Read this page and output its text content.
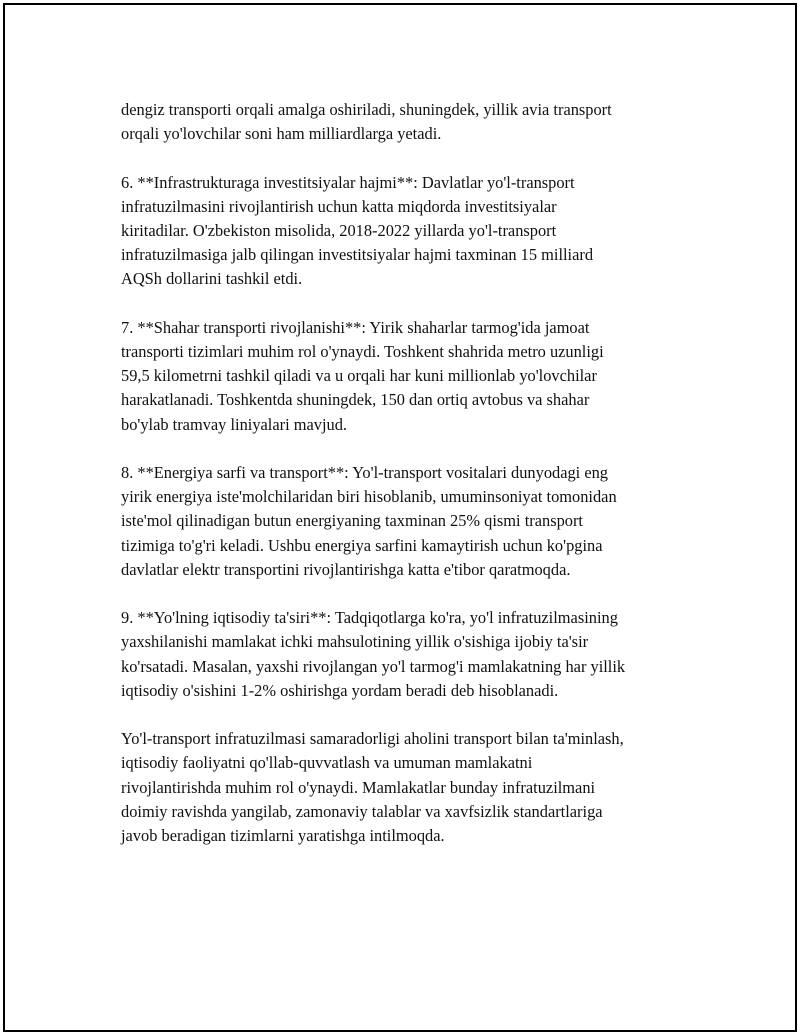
dengiz transporti orqali amalga oshiriladi, shuningdek, yillik avia transport
orqali yo'lovchilar soni ham milliardlarga yetadi.

6. **Infrastrukturaga investitsiyalar hajmi**: Davlatlar yo'l-transport
infratuzilmasini rivojlantirish uchun katta miqdorda investitsiyalar
kiritadilar. O'zbekiston misolida, 2018-2022 yillarda yo'l-transport
infratuzilmasiga jalb qilingan investitsiyalar hajmi taxminan 15 milliard
AQSh dollarini tashkil etdi.

7. **Shahar transporti rivojlanishi**: Yirik shaharlar tarmog'ida jamoat
transporti tizimlari muhim rol o'ynaydi. Toshkent shahrida metro uzunligi
59,5 kilometrni tashkil qiladi va u orqali har kuni millionlab yo'lovchilar
harakatlanadi. Toshkentda shuningdek, 150 dan ortiq avtobus va shahar
bo'ylab tramvay liniyalari mavjud.

8. **Energiya sarfi va transport**: Yo'l-transport vositalari dunyodagi eng
yirik energiya iste'molchilaridan biri hisoblanib, umuminsoniyat tomonidan
iste'mol qilinadigan butun energiyaning taxminan 25% qismi transport
tizimiga to'g'ri keladi. Ushbu energiya sarfini kamaytirish uchun ko'pgina
davlatlar elektr transportini rivojlantirishga katta e'tibor qaratmoqda.

9. **Yo'lning iqtisodiy ta'siri**: Tadqiqotlarga ko'ra, yo'l infratuzilmasining
yaxshilanishi mamlakat ichki mahsulotining yillik o'sishiga ijobiy ta'sir
ko'rsatadi. Masalan, yaxshi rivojlangan yo'l tarmog'i mamlakatning har yillik
iqtisodiy o'sishini 1-2% oshirishga yordam beradi deb hisoblanadi.

Yo'l-transport infratuzilmasi samaradorligi aholini transport bilan ta'minlash,
iqtisodiy faoliyatni qo'llab-quvvatlash va umuman mamlakatni
rivojlantirishda muhim rol o'ynaydi. Mamlakatlar bunday infratuzilmani
doimiy ravishda yangilab, zamonaviy talablar va xavfsizlik standartlariga
javob beradigan tizimlarni yaratishga intilmoqda.
